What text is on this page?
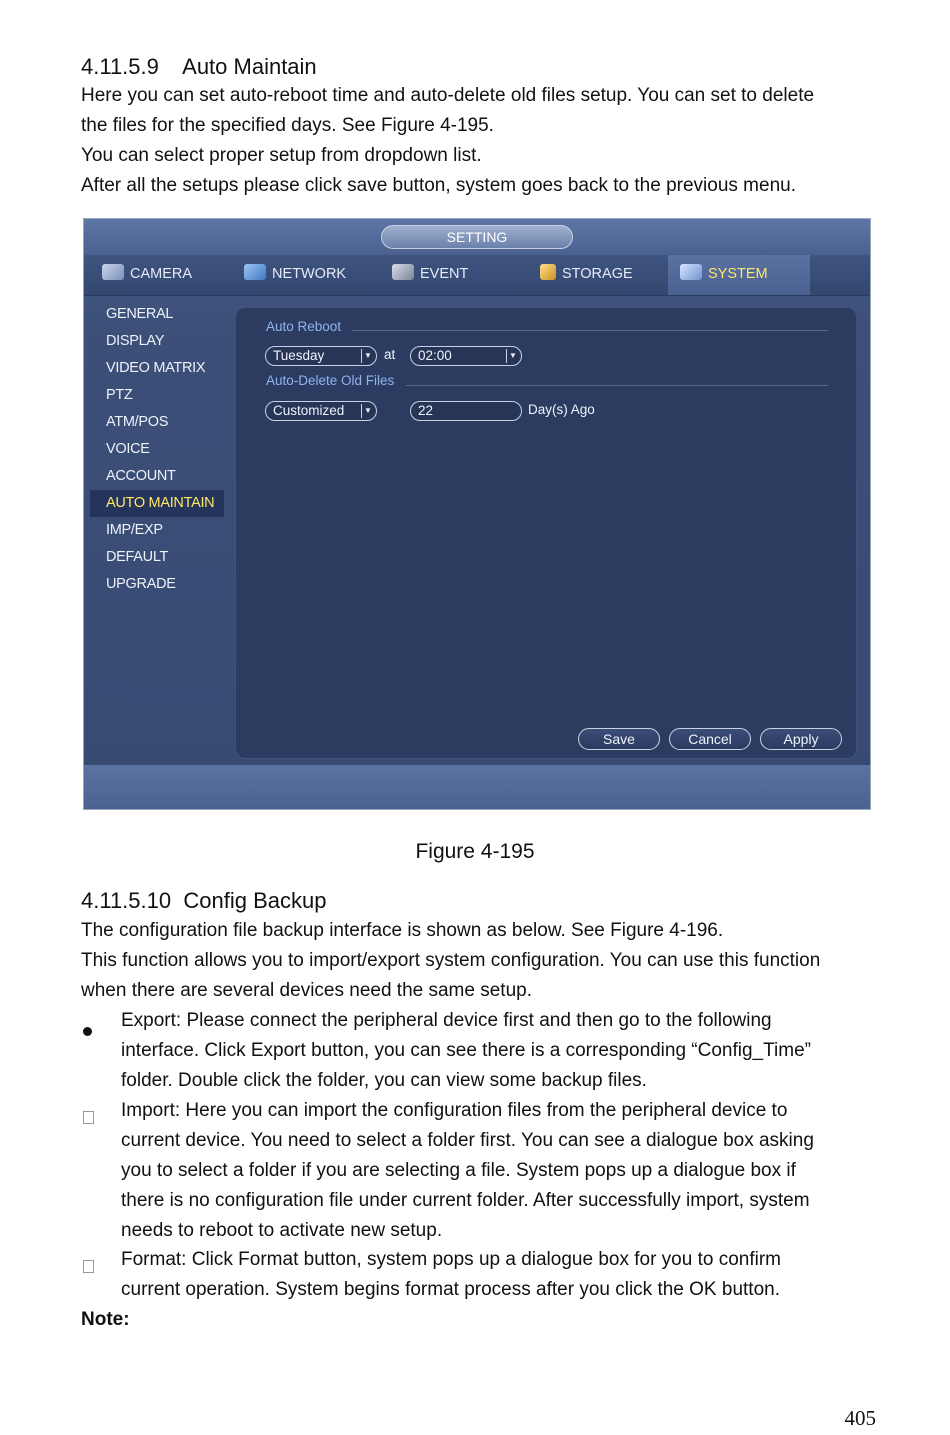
4.11.5.9 Auto Maintain
Here you can set auto-reboot time and auto-delete old files setup. You can set to delete
the files for the specified days. See Figure 4-195.
You can select proper setup from dropdown list.
After all the setups please click save button, system goes back to the previous menu.
SETTING
CAMERA	NETWORK	EVENT	STORAGE	SYSTEM
GENERAL
DISPLAY
VIDEO MATRIX
PTZ
ATM/POS
VOICE
ACCOUNT
AUTO MAINTAIN
IMP/EXP
DEFAULT
UPGRADE
Auto Reboot
Tuesday	▼ at	02:00	▼
Auto-Delete Old Files
Customized	▼	22	Day(s) Ago
Save	Cancel	Apply
Figure 4-195
4.11.5.10 Config Backup
The configuration file backup interface is shown as below. See Figure 4-196.
This function allows you to import/export system configuration. You can use this function
when there are several devices need the same setup.
Export: Please connect the peripheral device first and then go to the following
interface. Click Export button, you can see there is a corresponding “Config_Time”
folder. Double click the folder, you can view some backup files.
Import: Here you can import the configuration files from the peripheral device to
current device. You need to select a folder first. You can see a dialogue box asking
you to select a folder if you are selecting a file. System pops up a dialogue box if
there is no configuration file under current folder. After successfully import, system
needs to reboot to activate new setup.
Format: Click Format button, system pops up a dialogue box for you to confirm
current operation. System begins format process after you click the OK button.
Note:
405
